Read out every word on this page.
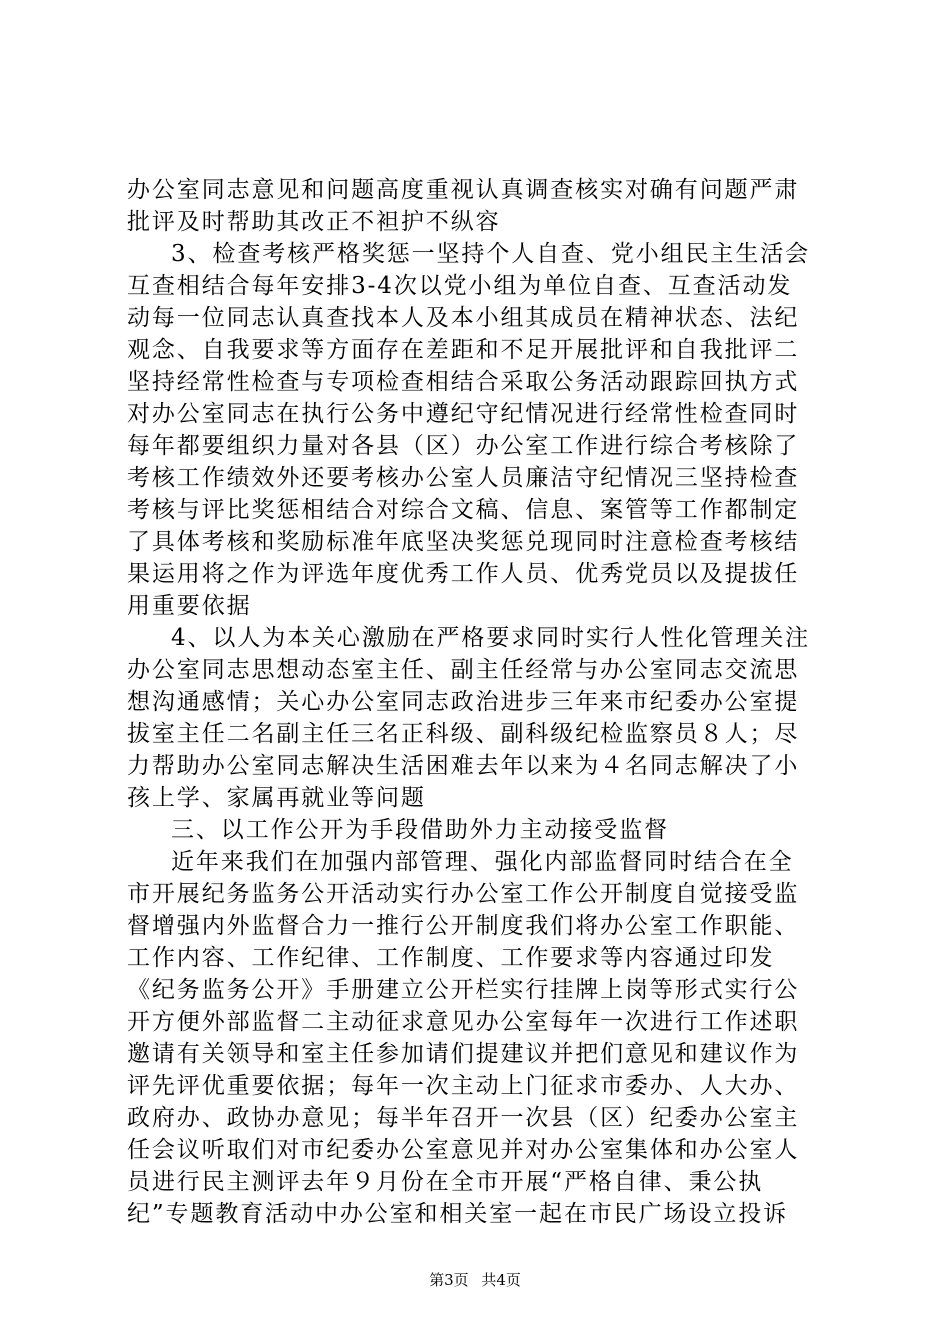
办公室同志意见和问题高度重视认真调查核实对确有问题严肃
批评及时帮助其改正不袒护不纵容
3、检查考核严格奖惩一坚持个人自查、党小组民主生活会
互查相结合每年安排3-4次以党小组为单位自查、互查活动发
动每一位同志认真查找本人及本小组其成员在精神状态、法纪
观念、自我要求等方面存在差距和不足开展批评和自我批评二
坚持经常性检查与专项检查相结合采取公务活动跟踪回执方式
对办公室同志在执行公务中遵纪守纪情况进行经常性检查同时
每年都要组织力量对各县（区）办公室工作进行综合考核除了
考核工作绩效外还要考核办公室人员廉洁守纪情况三坚持检查
考核与评比奖惩相结合对综合文稿、信息、案管等工作都制定
了具体考核和奖励标准年底坚决奖惩兑现同时注意检查考核结
果运用将之作为评选年度优秀工作人员、优秀党员以及提拔任
用重要依据
4、以人为本关心激励在严格要求同时实行人性化管理关注
办公室同志思想动态室主任、副主任经常与办公室同志交流思
想沟通感情；关心办公室同志政治进步三年来市纪委办公室提
拔室主任二名副主任三名正科级、副科级纪检监察员８人；尽
力帮助办公室同志解决生活困难去年以来为４名同志解决了小
孩上学、家属再就业等问题
三、以工作公开为手段借助外力主动接受监督
近年来我们在加强内部管理、强化内部监督同时结合在全
市开展纪务监务公开活动实行办公室工作公开制度自觉接受监
督增强内外监督合力一推行公开制度我们将办公室工作职能、
工作内容、工作纪律、工作制度、工作要求等内容通过印发
《纪务监务公开》手册建立公开栏实行挂牌上岗等形式实行公
开方便外部监督二主动征求意见办公室每年一次进行工作述职
邀请有关领导和室主任参加请们提建议并把们意见和建议作为
评先评优重要依据；每年一次主动上门征求市委办、人大办、
政府办、政协办意见；每半年召开一次县（区）纪委办公室主
任会议听取们对市纪委办公室意见并对办公室集体和办公室人
员进行民主测评去年９月份在全市开展“严格自律、秉公执
纪”专题教育活动中办公室和相关室一起在市民广场设立投诉
第3页 共4页
